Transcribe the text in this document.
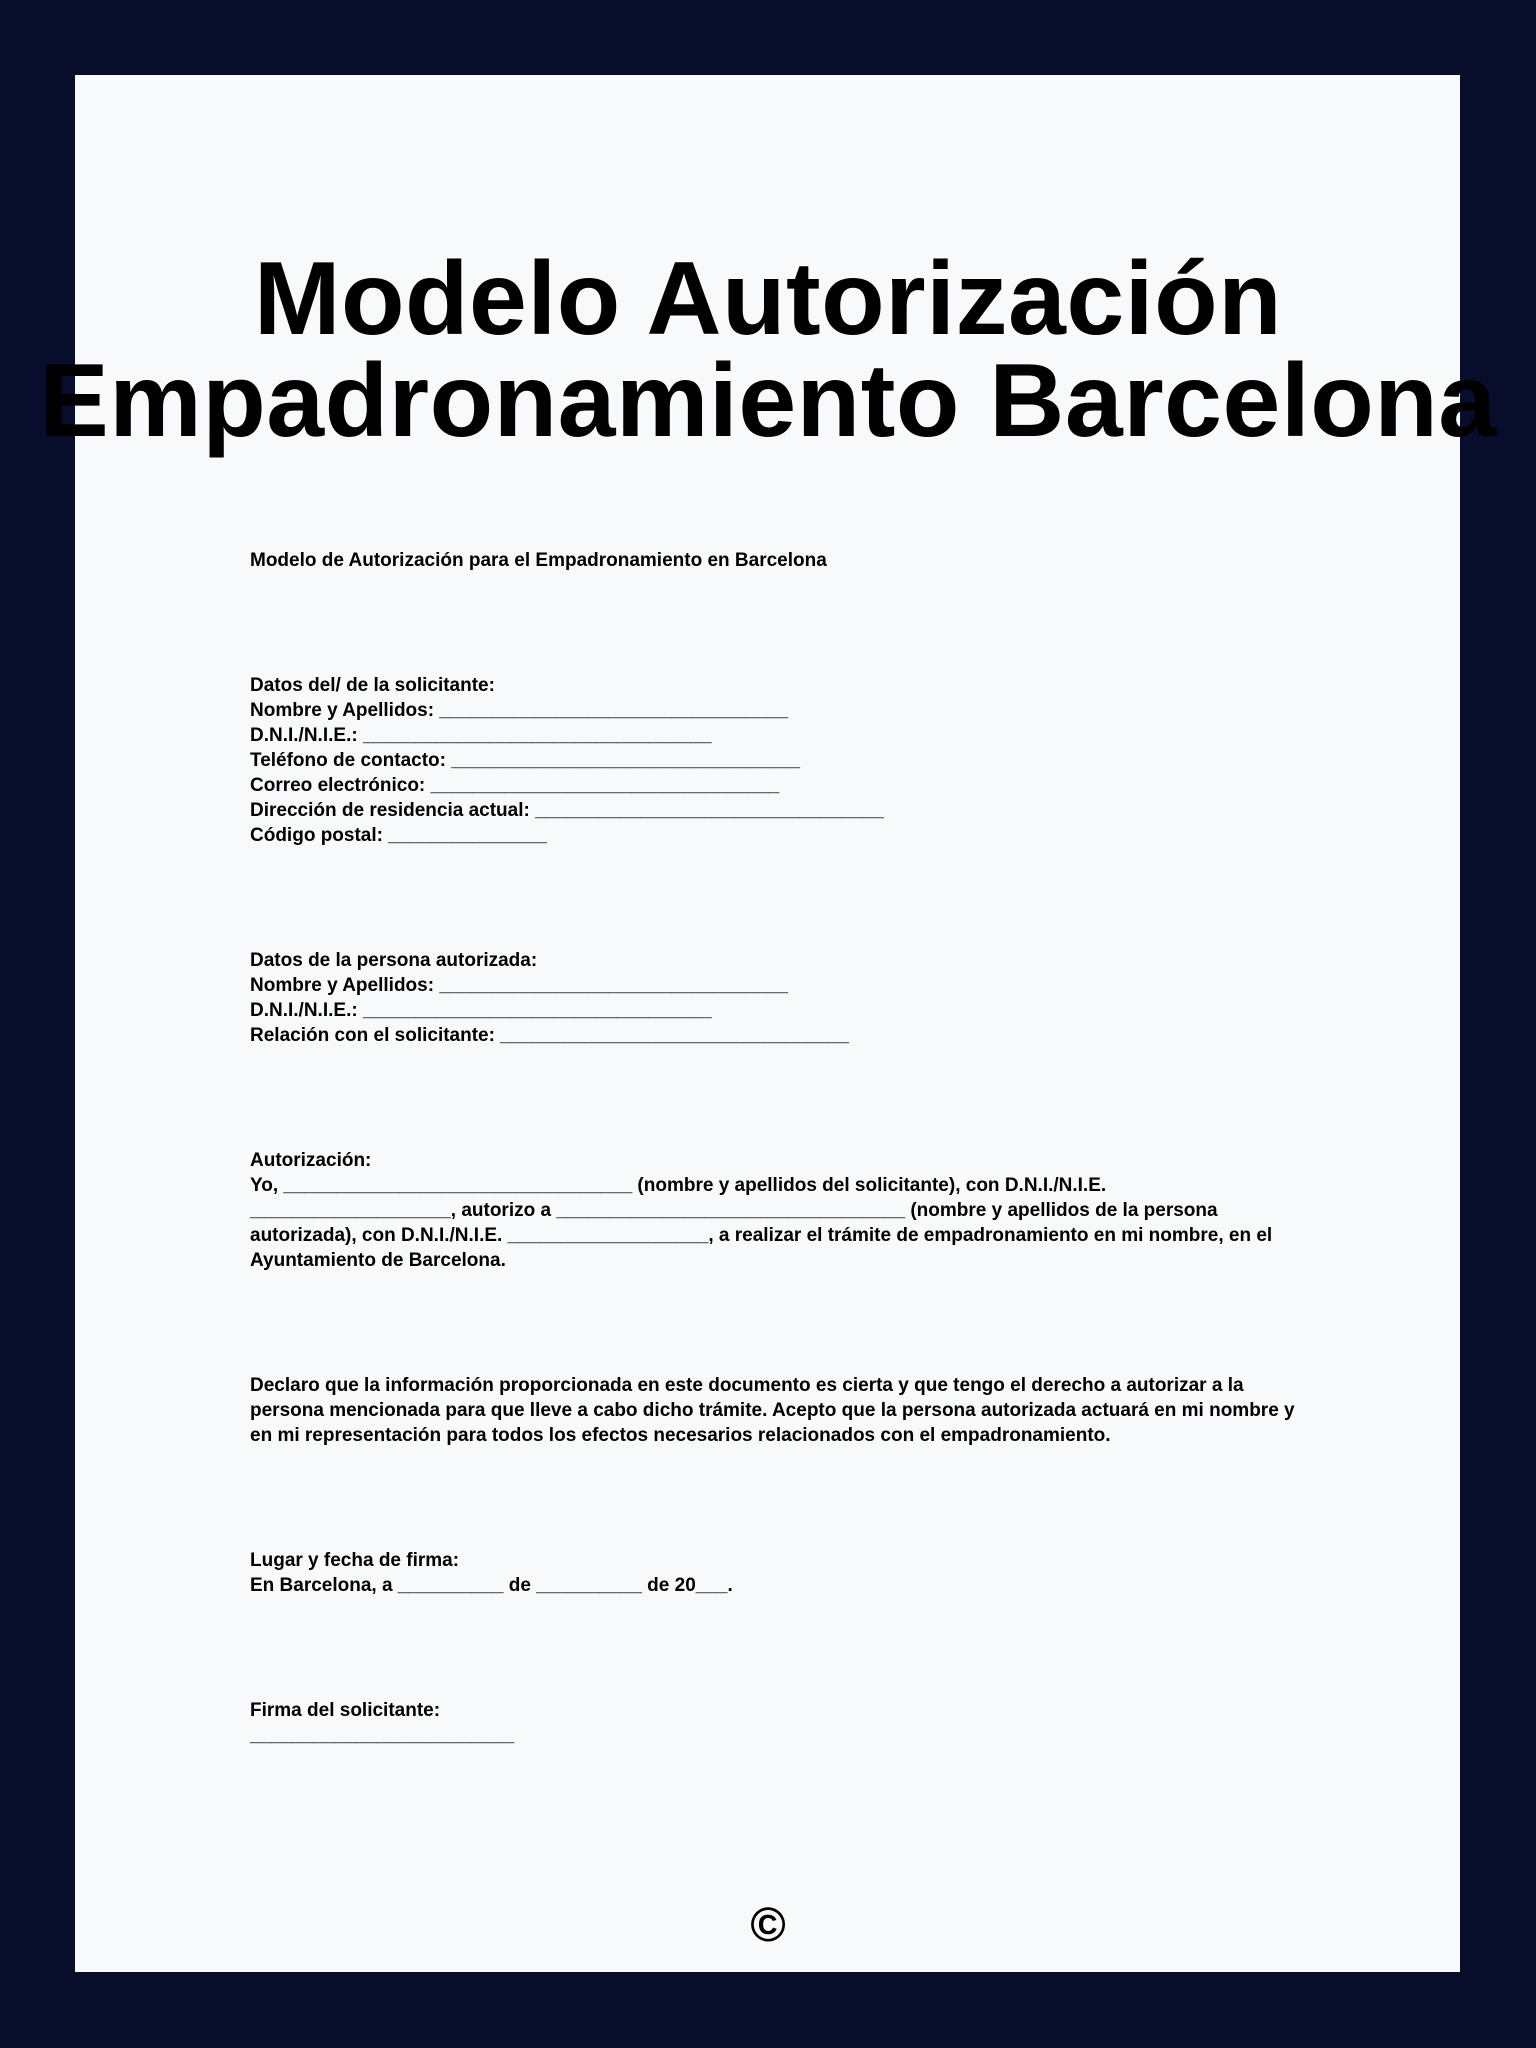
Modelo Autorización
Empadronamiento Barcelona

Modelo de Autorización para el Empadronamiento en Barcelona

Datos del/ de la solicitante:

Nombre y Apellidos: _________________________________

D.N.I./N.I.E.: _________________________________

Teléfono de contacto: _________________________________

Correo electrónico: _________________________________

Dirección de residencia actual: _________________________________

Código postal: _______________

Datos de la persona autorizada:

Nombre y Apellidos: _________________________________

D.N.I./N.I.E.: _________________________________

Relación con el solicitante: _________________________________

Autorización:

Yo, _________________________________ (nombre y apellidos del solicitante), con D.N.I./N.I.E. ___________________, autorizo a _________________________________ (nombre y apellidos de la persona autorizada), con D.N.I./N.I.E. ___________________, a realizar el trámite de empadronamiento en mi nombre, en el Ayuntamiento de Barcelona.

Declaro que la información proporcionada en este documento es cierta y que tengo el derecho a autorizar a la persona mencionada para que lleve a cabo dicho trámite. Acepto que la persona autorizada actuará en mi nombre y en mi representación para todos los efectos necesarios relacionados con el empadronamiento.

Lugar y fecha de firma:

En Barcelona, a __________ de __________ de 20___.

Firma del solicitante:

_________________________

©
